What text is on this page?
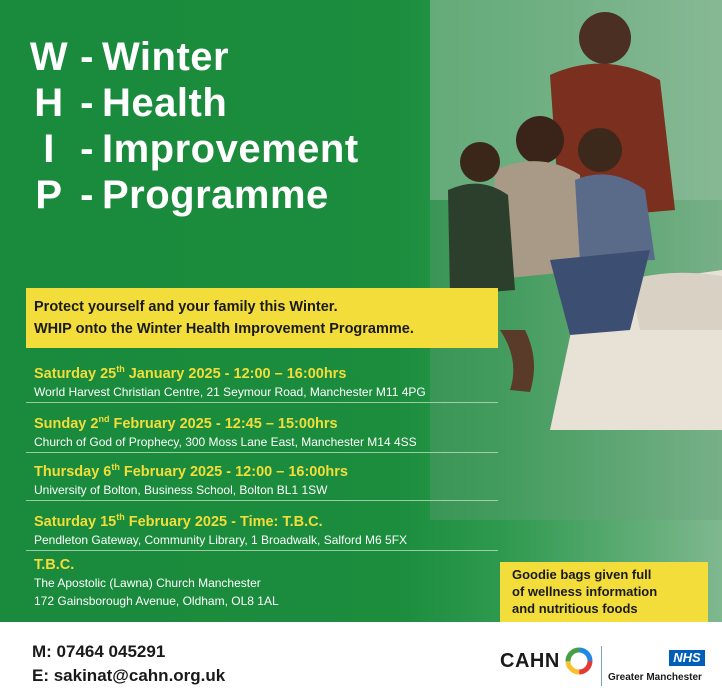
W - Winter
H - Health
I - Improvement
P - Programme
Protect yourself and your family this Winter.
WHIP onto the Winter Health Improvement Programme.
Saturday 25th January 2025 - 12:00 – 16:00hrs
World Harvest Christian Centre, 21 Seymour Road, Manchester M11 4PG
Sunday 2nd February 2025 - 12:45 – 15:00hrs
Church of God of Prophecy, 300 Moss Lane East, Manchester M14 4SS
Thursday 6th February 2025 - 12:00 – 16:00hrs
University of Bolton, Business School, Bolton BL1 1SW
Saturday 15th February 2025 - Time: T.B.C.
Pendleton Gateway, Community Library, 1 Broadwalk, Salford M6 5FX
T.B.C.
The Apostolic (Lawna) Church Manchester
172 Gainsborough Avenue, Oldham, OL8 1AL
Goodie bags given full
of wellness information
and nutritious foods
M: 07464 045291
E: sakinat@cahn.org.uk
CAHN	NHS
Greater Manchester
